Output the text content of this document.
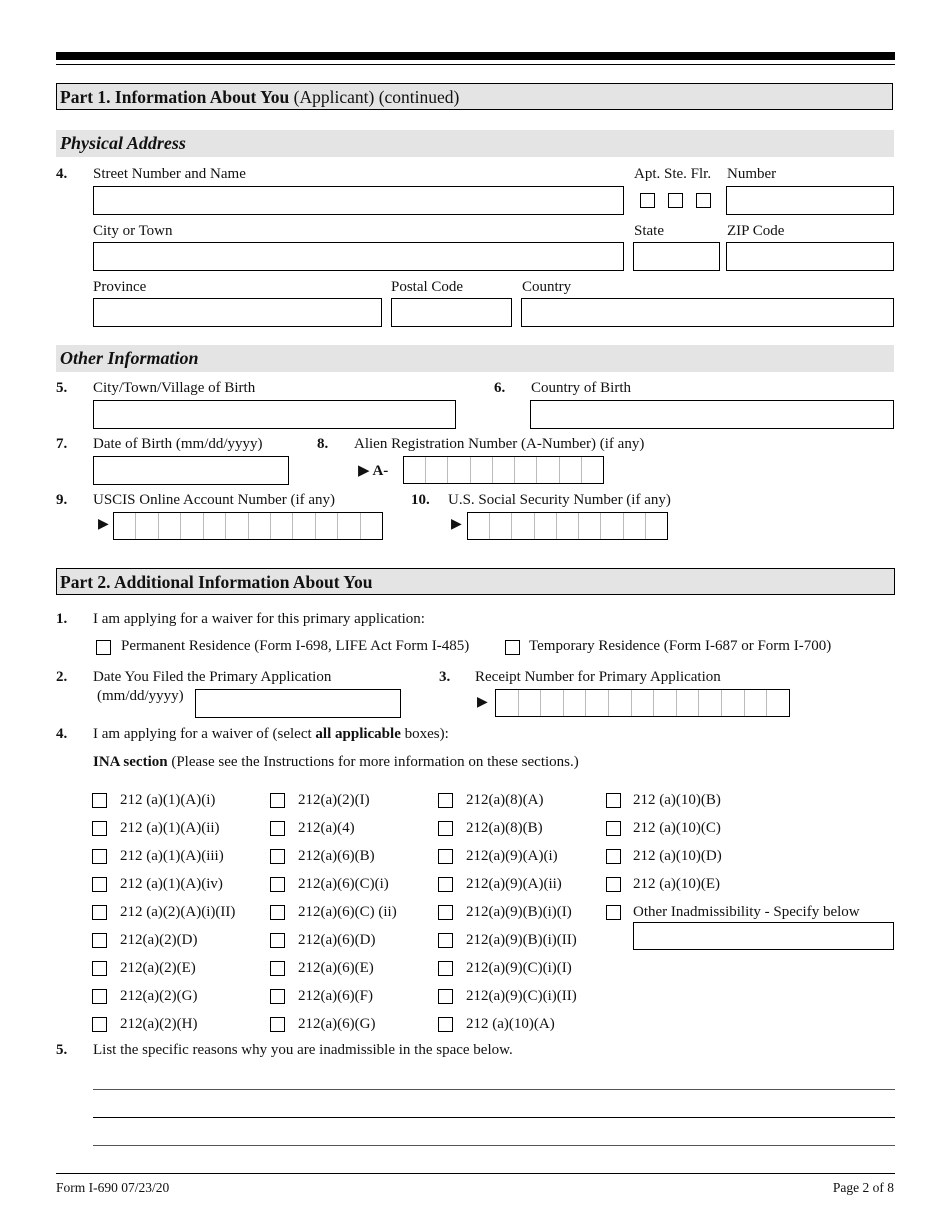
Part 1. Information About You (Applicant) (continued)
Physical Address
4. Street Number and Name	Apt. Ste. Flr. Number
City or Town	State	ZIP Code
Province	Postal Code	Country
Other Information
5. City/Town/Village of Birth	6. Country of Birth
7. Date of Birth (mm/dd/yyyy)	8. Alien Registration Number (A-Number) (if any)
▶ A-
9. USCIS Online Account Number (if any)
▶
10. U.S. Social Security Number (if any)
▶
Part 2. Additional Information About You
1. I am applying for a waiver for this primary application:
Permanent Residence (Form I-698, LIFE Act Form I-485)	Temporary Residence (Form I-687 or Form I-700)
2. Date You Filed the Primary Application
(mm/dd/yyyy)
3. Receipt Number for Primary Application
▶
4. I am applying for a waiver of (select all applicable boxes):
INA section (Please see the Instructions for more information on these sections.)
212 (a)(1)(A)(i)
212 (a)(1)(A)(ii)
212 (a)(1)(A)(iii)
212 (a)(1)(A)(iv)
212 (a)(2)(A)(i)(II)
212(a)(2)(D)
212(a)(2)(E)
212(a)(2)(G)
212(a)(2)(H)
212(a)(2)(I)
212(a)(4)
212(a)(6)(B)
212(a)(6)(C)(i)
212(a)(6)(C) (ii)
212(a)(6)(D)
212(a)(6)(E)
212(a)(6)(F)
212(a)(6)(G)
212(a)(8)(A)
212(a)(8)(B)
212(a)(9)(A)(i)
212(a)(9)(A)(ii)
212(a)(9)(B)(i)(I)
212(a)(9)(B)(i)(II)
212(a)(9)(C)(i)(I)
212(a)(9)(C)(i)(II)
212 (a)(10)(A)
212 (a)(10)(B)
212 (a)(10)(C)
212 (a)(10)(D)
212 (a)(10)(E)
Other Inadmissibility - Specify below
5. List the specific reasons why you are inadmissible in the space below.
Form I-690 07/23/20	Page 2 of 8
